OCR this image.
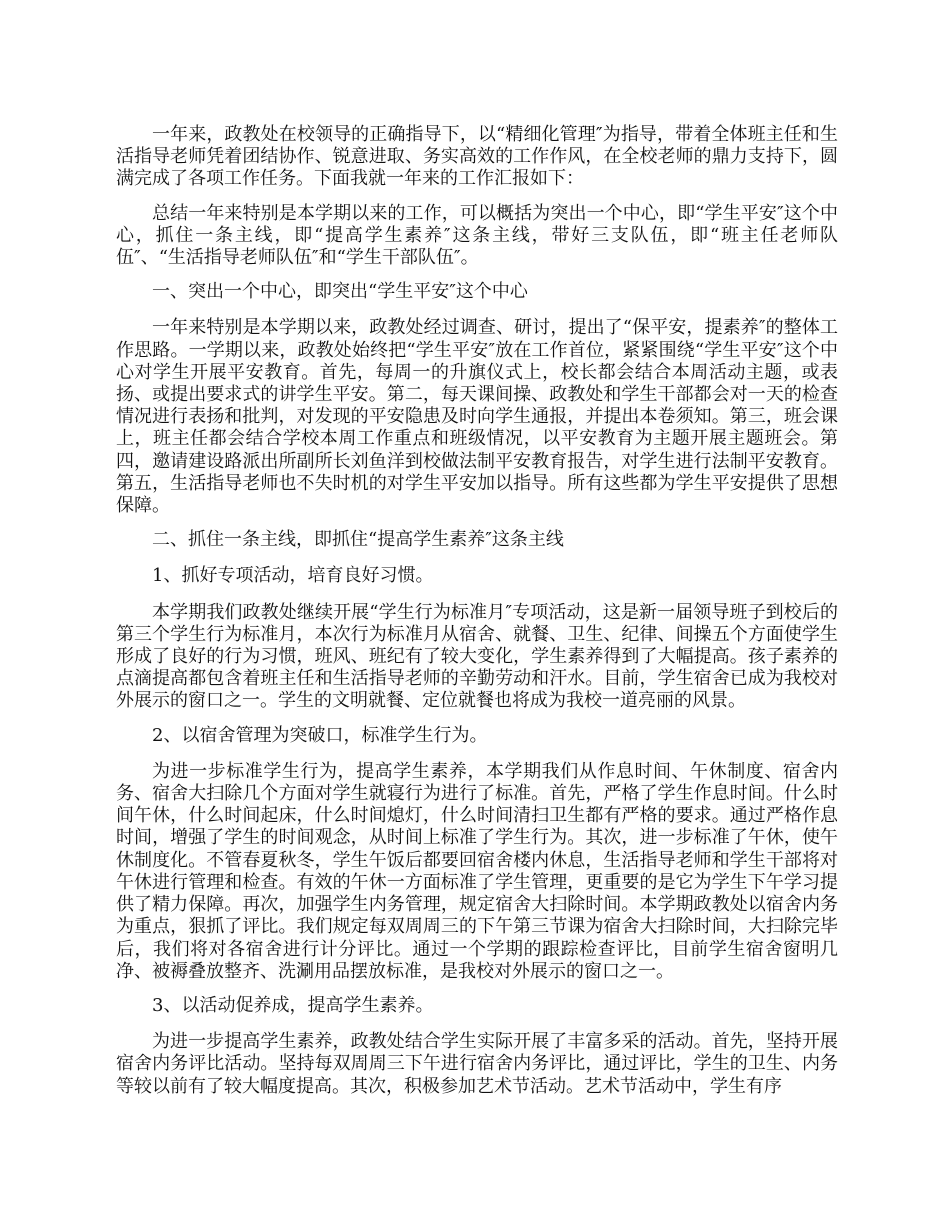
一年来，政教处在校领导的正确指导下，以“精细化管理″为指导，带着全体班主任和生活指导老师凭着团结协作、锐意进取、务实高效的工作作风，在全校老师的鼎力支持下，圆满完成了各项工作任务。下面我就一年来的工作汇报如下：

总结一年来特别是本学期以来的工作，可以概括为突出一个中心，即“学生平安″这个中心，抓住一条主线，即“提高学生素养″这条主线，带好三支队伍，即“班主任老师队伍″、“生活指导老师队伍″和“学生干部队伍″。

一、突出一个中心，即突出“学生平安″这个中心

一年来特别是本学期以来，政教处经过调查、研讨，提出了“保平安，提素养″的整体工作思路。一学期以来，政教处始终把“学生平安″放在工作首位，紧紧围绕“学生平安″这个中心对学生开展平安教育。首先，每周一的升旗仪式上，校长都会结合本周活动主题，或表扬、或提出要求式的讲学生平安。第二，每天课间操、政教处和学生干部都会对一天的检查情况进行表扬和批判，对发现的平安隐患及时向学生通报，并提出本卷须知。第三，班会课上，班主任都会结合学校本周工作重点和班级情况，以平安教育为主题开展主题班会。第四，邀请建设路派出所副所长刘鱼洋到校做法制平安教育报告，对学生进行法制平安教育。第五，生活指导老师也不失时机的对学生平安加以指导。所有这些都为学生平安提供了思想保障。

二、抓住一条主线，即抓住“提高学生素养″这条主线

1、抓好专项活动，培育良好习惯。

本学期我们政教处继续开展“学生行为标准月″专项活动，这是新一届领导班子到校后的第三个学生行为标准月，本次行为标准月从宿舍、就餐、卫生、纪律、间操五个方面使学生形成了良好的行为习惯，班风、班纪有了较大变化，学生素养得到了大幅提高。孩子素养的点滴提高都包含着班主任和生活指导老师的辛勤劳动和汗水。目前，学生宿舍已成为我校对外展示的窗口之一。学生的文明就餐、定位就餐也将成为我校一道亮丽的风景。

2、以宿舍管理为突破口，标准学生行为。

为进一步标准学生行为，提高学生素养，本学期我们从作息时间、午休制度、宿舍内务、宿舍大扫除几个方面对学生就寝行为进行了标准。首先，严格了学生作息时间。什么时间午休，什么时间起床，什么时间熄灯，什么时间清扫卫生都有严格的要求。通过严格作息时间，增强了学生的时间观念，从时间上标准了学生行为。其次，进一步标准了午休，使午休制度化。不管春夏秋冬，学生午饭后都要回宿舍楼内休息，生活指导老师和学生干部将对午休进行管理和检查。有效的午休一方面标准了学生管理，更重要的是它为学生下午学习提供了精力保障。再次，加强学生内务管理，规定宿舍大扫除时间。本学期政教处以宿舍内务为重点，狠抓了评比。我们规定每双周周三的下午第三节课为宿舍大扫除时间，大扫除完毕后，我们将对各宿舍进行计分评比。通过一个学期的跟踪检查评比，目前学生宿舍窗明几净、被褥叠放整齐、洗涮用品摆放标准，是我校对外展示的窗口之一。

3、以活动促养成，提高学生素养。

为进一步提高学生素养，政教处结合学生实际开展了丰富多采的活动。首先，坚持开展宿舍内务评比活动。坚持每双周周三下午进行宿舍内务评比，通过评比，学生的卫生、内务等较以前有了较大幅度提高。其次，积极参加艺术节活动。艺术节活动中，学生有序
